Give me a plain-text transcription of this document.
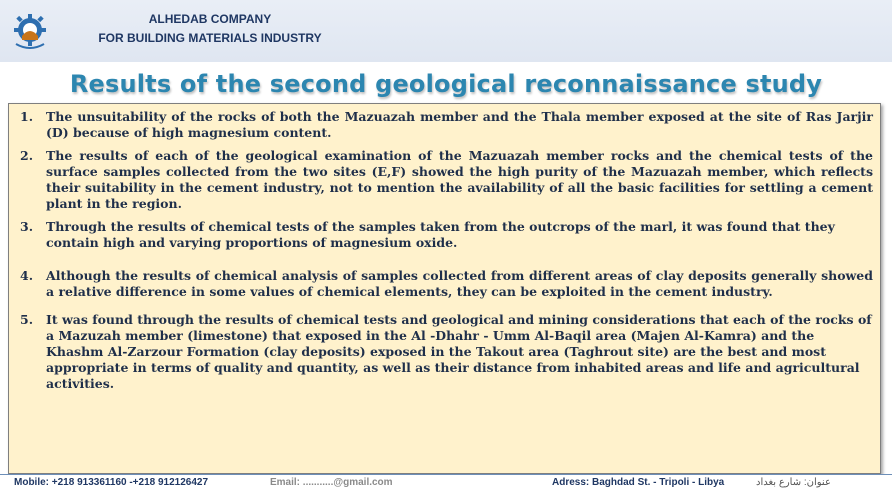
ALHEDAB COMPANY
FOR BUILDING MATERIALS INDUSTRY
Results of the second geological reconnaissance study
1. The unsuitability of the rocks of both the Mazuazah member and the Thala member exposed at the site of Ras Jarjir (D) because of high magnesium content.
2. The results of each of the geological examination of the Mazuazah member rocks and the chemical tests of the surface samples collected from the two sites (E,F) showed the high purity of the Mazuazah member, which reflects their suitability in the cement industry, not to mention the availability of all the basic facilities for settling a cement plant in the region.
3. Through the results of chemical tests of the samples taken from the outcrops of the marl, it was found that they contain high and varying proportions of magnesium oxide.
4. Although the results of chemical analysis of samples collected from different areas of clay deposits generally showed a relative difference in some values of chemical elements, they can be exploited in the cement industry.
5. It was found through the results of chemical tests and geological and mining considerations that each of the rocks of a Mazuzah member (limestone) that exposed in the Al -Dhahr - Umm Al-Baqil area (Majen Al-Kamra) and the Khashm Al-Zarzour Formation (clay deposits) exposed in the Takout area (Taghrout site) are the best and most appropriate in terms of quality and quantity, as well as their distance from inhabited areas and life and agricultural activities.
Mobile: +218 913361160 -+218 912126427	Email: ...........@gmail.com	Adress: Baghdad St. - Tripoli - Libya	عنوان: شارع بغداد
